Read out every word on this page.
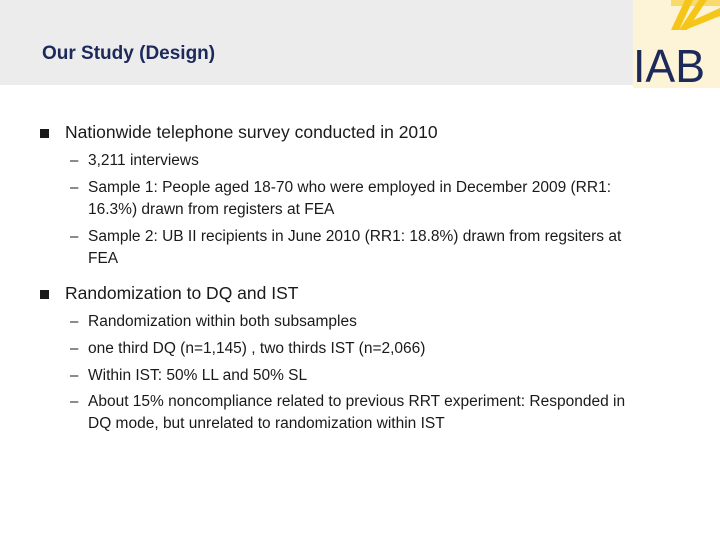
Our Study (Design)	IAB
Nationwide telephone survey conducted in 2010
– 3,211 interviews
– Sample 1: People aged 18-70 who were employed in December 2009 (RR1: 16.3%) drawn from registers at FEA
– Sample 2: UB II recipients in June 2010 (RR1: 18.8%) drawn from regsiters at FEA
Randomization to DQ and IST
– Randomization within both subsamples
– one third DQ (n=1,145) , two thirds IST (n=2,066)
– Within IST: 50% LL and 50% SL
– About 15% noncompliance related to previous RRT experiment: Responded in DQ mode, but unrelated to randomization within IST
